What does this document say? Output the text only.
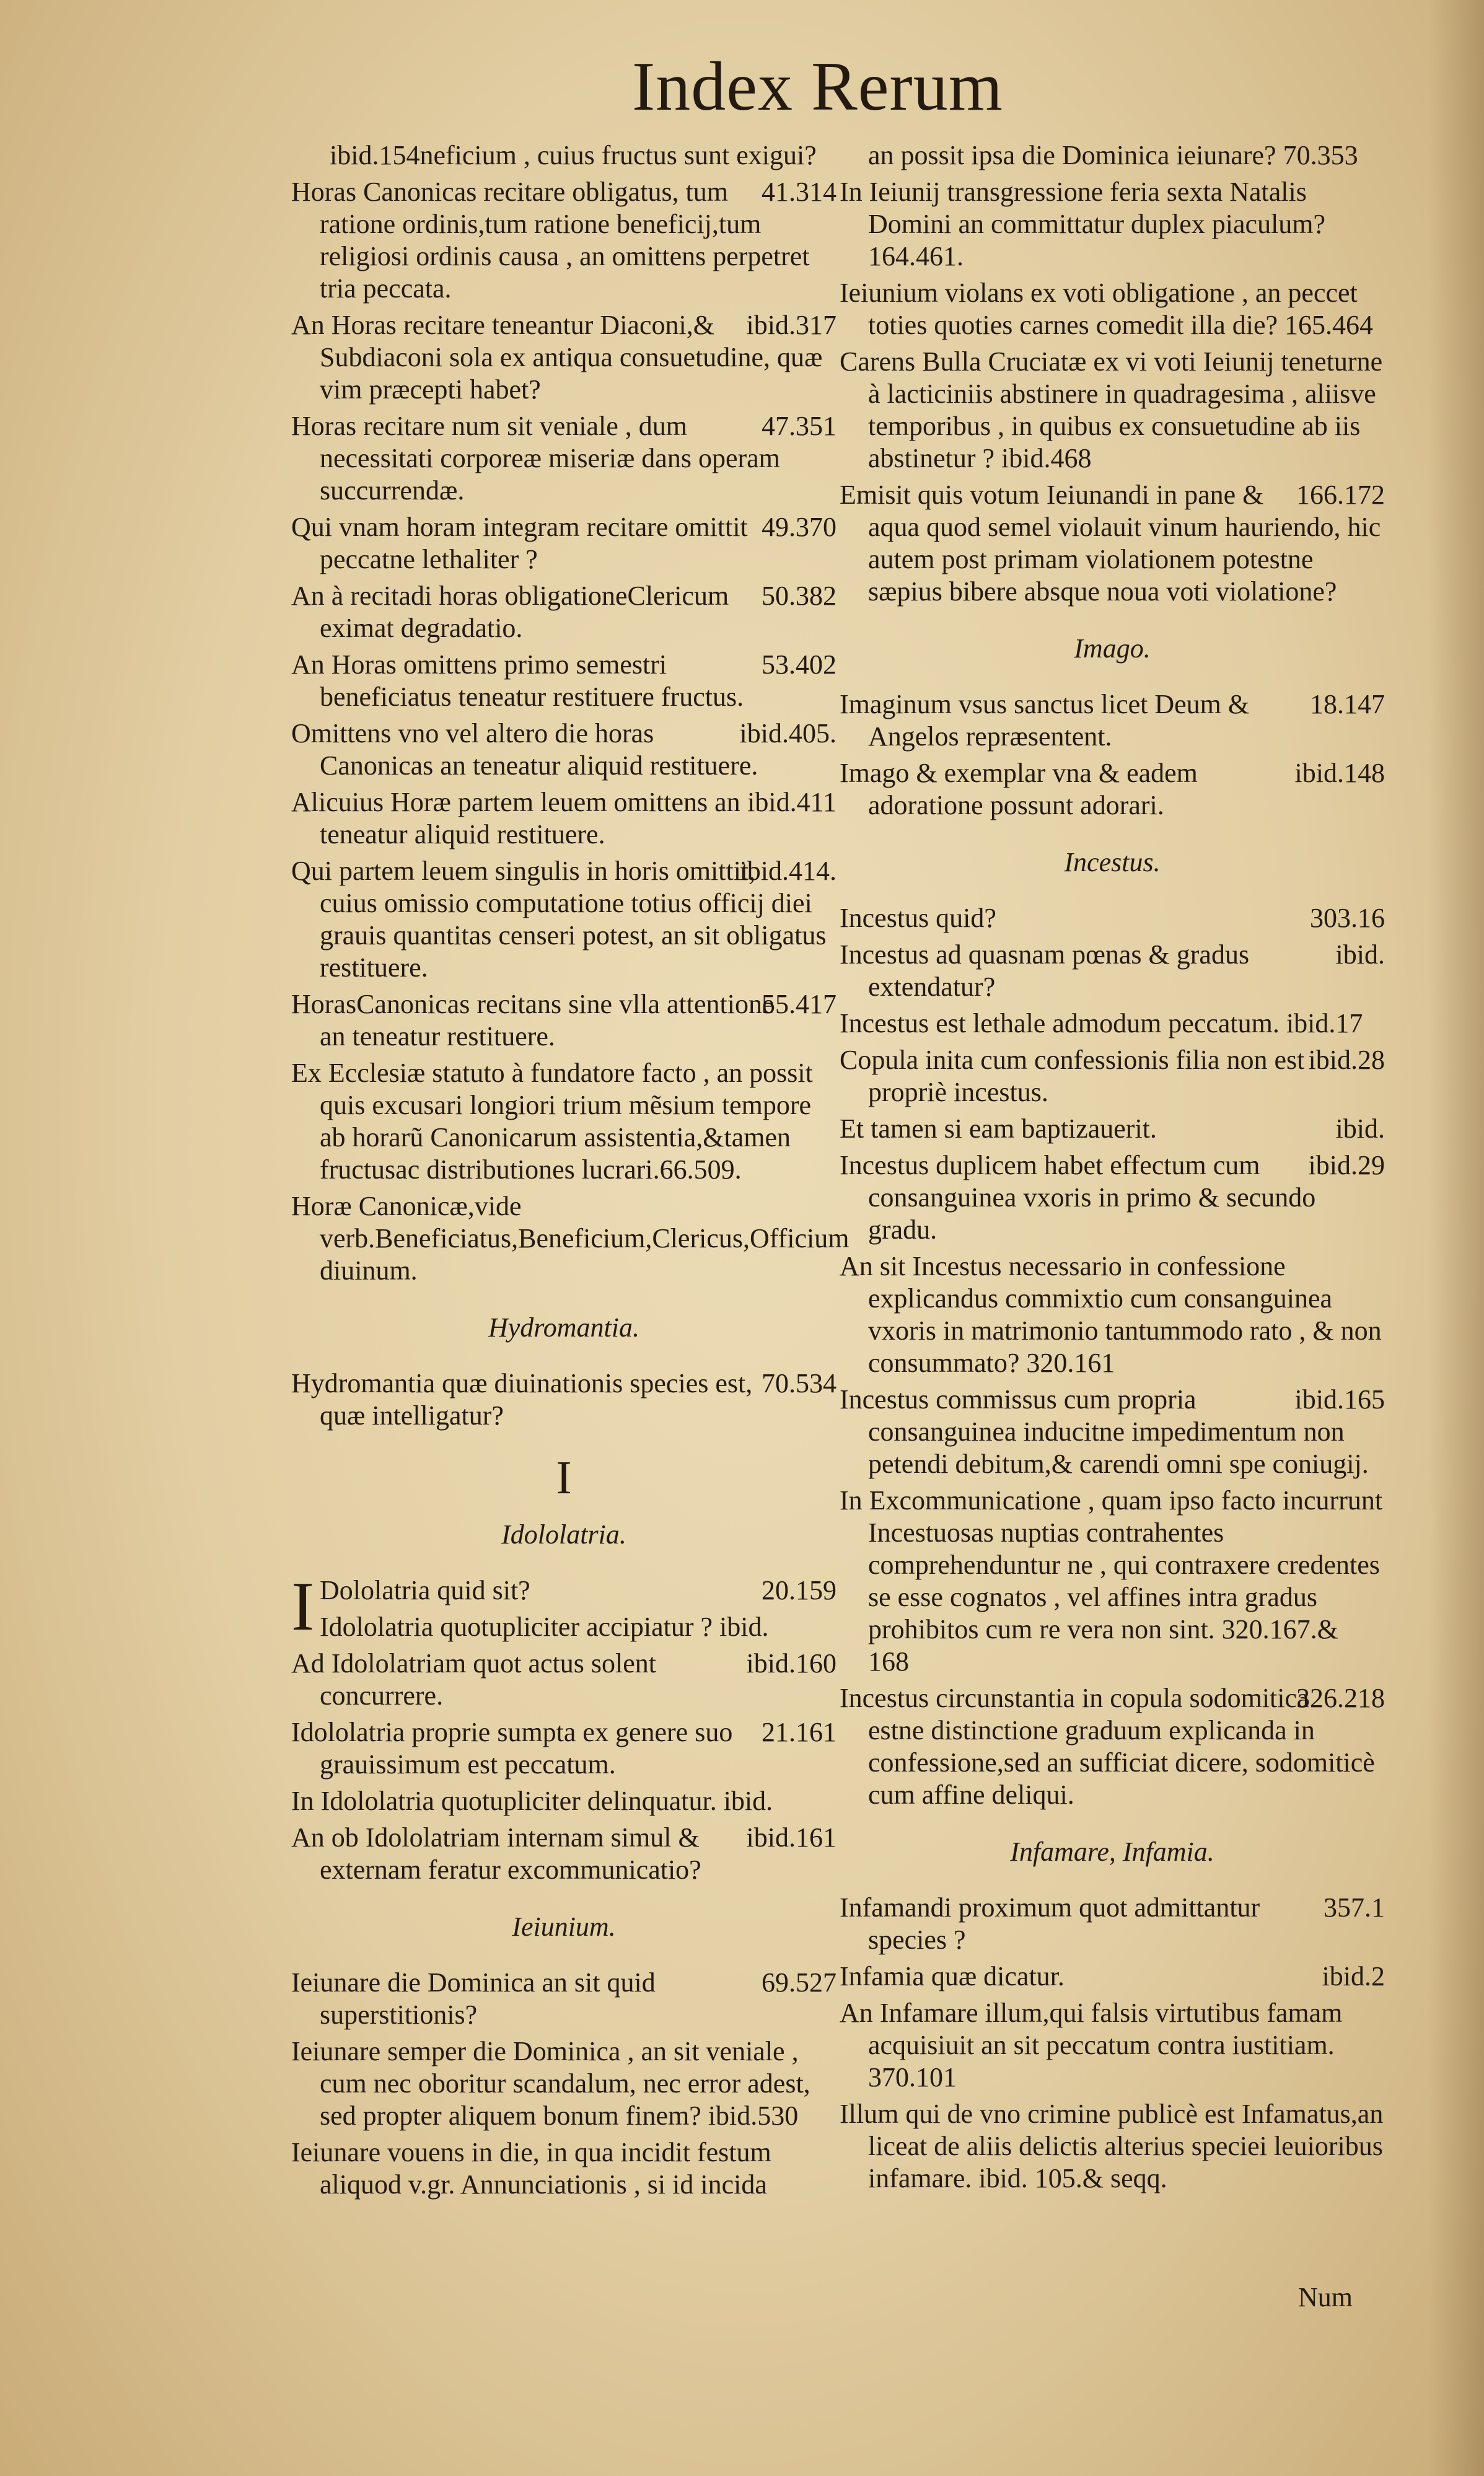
Index Rerum
ibid.154neficium , cuius fructus sunt exigui?
41.314
Horas Canonicas recitare obligatus, tum ratione ordinis,tum ratione beneficij,tum religiosi ordinis causa , an omittens perpetret tria peccata.
ibid.317
An Horas recitare teneantur Diaconi,& Subdiaconi sola ex antiqua consuetudine, quæ vim præcepti habet?
47.351
Horas recitare num sit veniale , dum necessitati corporeæ miseriæ dans operam succurrendæ.
49.370
Qui vnam horam integram recitare omittit peccatne lethaliter ?
50.382
An à recitadi horas obligationeClericum eximat degradatio.
53.402
An Horas omittens primo semestri beneficiatus teneatur restituere fructus.
ibid.405.
Omittens vno vel altero die horas Canonicas an teneatur aliquid restituere.
ibid.411
Alicuius Horæ partem leuem omittens an teneatur aliquid restituere.
ibid.414.
Qui partem leuem singulis in horis omittit, cuius omissio computatione totius officij diei grauis quantitas censeri potest, an sit obligatus restituere.
55.417
HorasCanonicas recitans sine vlla attentione an teneatur restituere.
Ex Ecclesiæ statuto à fundatore facto , an possit quis excusari longiori trium mẽsium tempore ab horarũ Canonicarum assistentia,&tamen fructusac distributiones lucrari.66.509.
Horæ Canonicæ,vide verb.Beneficiatus,Beneficium,Clericus,Officium diuinum.
Hydromantia.
70.534
Hydromantia quæ diuinationis species est, quæ intelligatur?
I
Idololatria.
I	20.159
Dololatria quid sit?
Idololatria quotupliciter accipiatur ? ibid.
ibid.160
Ad Idololatriam quot actus solent concurrere.
21.161
Idololatria proprie sumpta ex genere suo grauissimum est peccatum.
In Idololatria quotupliciter delinquatur. ibid.
ibid.161
An ob Idololatriam internam simul & externam feratur excommunicatio?
Ieiunium.
69.527
Ieiunare die Dominica an sit quid superstitionis?
Ieiunare semper die Dominica , an sit veniale , cum nec oboritur scandalum, nec error adest, sed propter aliquem bonum finem? ibid.530
Ieiunare vouens in die, in qua incidit festum aliquod v.gr. Annunciationis , si id incida
an possit ipsa die Dominica ieiunare? 70.353
In Ieiunij transgressione feria sexta Natalis Domini an committatur duplex piaculum? 164.461.
Ieiunium violans ex voti obligatione , an peccet toties quoties carnes comedit illa die? 165.464
Carens Bulla Cruciatæ ex vi voti Ieiunij teneturne à lacticiniis abstinere in quadragesima , aliisve temporibus , in quibus ex consuetudine ab iis abstinetur ? ibid.468
166.172
Emisit quis votum Ieiunandi in pane & aqua quod semel violauit vinum hauriendo, hic autem post primam violationem potestne sæpius bibere absque noua voti violatione?
Imago.
18.147
Imaginum vsus sanctus licet Deum & Angelos repræsentent.
ibid.148
Imago & exemplar vna & eadem adoratione possunt adorari.
Incestus.
303.16
Incestus quid?
ibid.
Incestus ad quasnam pœnas & gradus extendatur?
Incestus est lethale admodum peccatum. ibid.17
ibid.28
Copula inita cum confessionis filia non est propriè incestus.
ibid.
Et tamen si eam baptizauerit.
ibid.29
Incestus duplicem habet effectum cum consanguinea vxoris in primo & secundo gradu.
An sit Incestus necessario in confessione explicandus commixtio cum consanguinea vxoris in matrimonio tantummodo rato , & non consummato? 320.161
ibid.165
Incestus commissus cum propria consanguinea inducitne impedimentum non petendi debitum,& carendi omni spe coniugij.
In Excommunicatione , quam ipso facto incurrunt Incestuosas nuptias contrahentes comprehenduntur ne , qui contraxere credentes se esse cognatos , vel affines intra gradus prohibitos cum re vera non sint. 320.167.& 168
326.218
Incestus circunstantia in copula sodomitica estne distinctione graduum explicanda in confessione,sed an sufficiat dicere, sodomiticè cum affine deliqui.
Infamare, Infamia.
357.1
Infamandi proximum quot admittantur species ?
ibid.2
Infamia quæ dicatur.
An Infamare illum,qui falsis virtutibus famam acquisiuit an sit peccatum contra iustitiam. 370.101
Illum qui de vno crimine publicè est Infamatus,an liceat de aliis delictis alterius speciei leuioribus infamare. ibid. 105.& seqq.
Num
